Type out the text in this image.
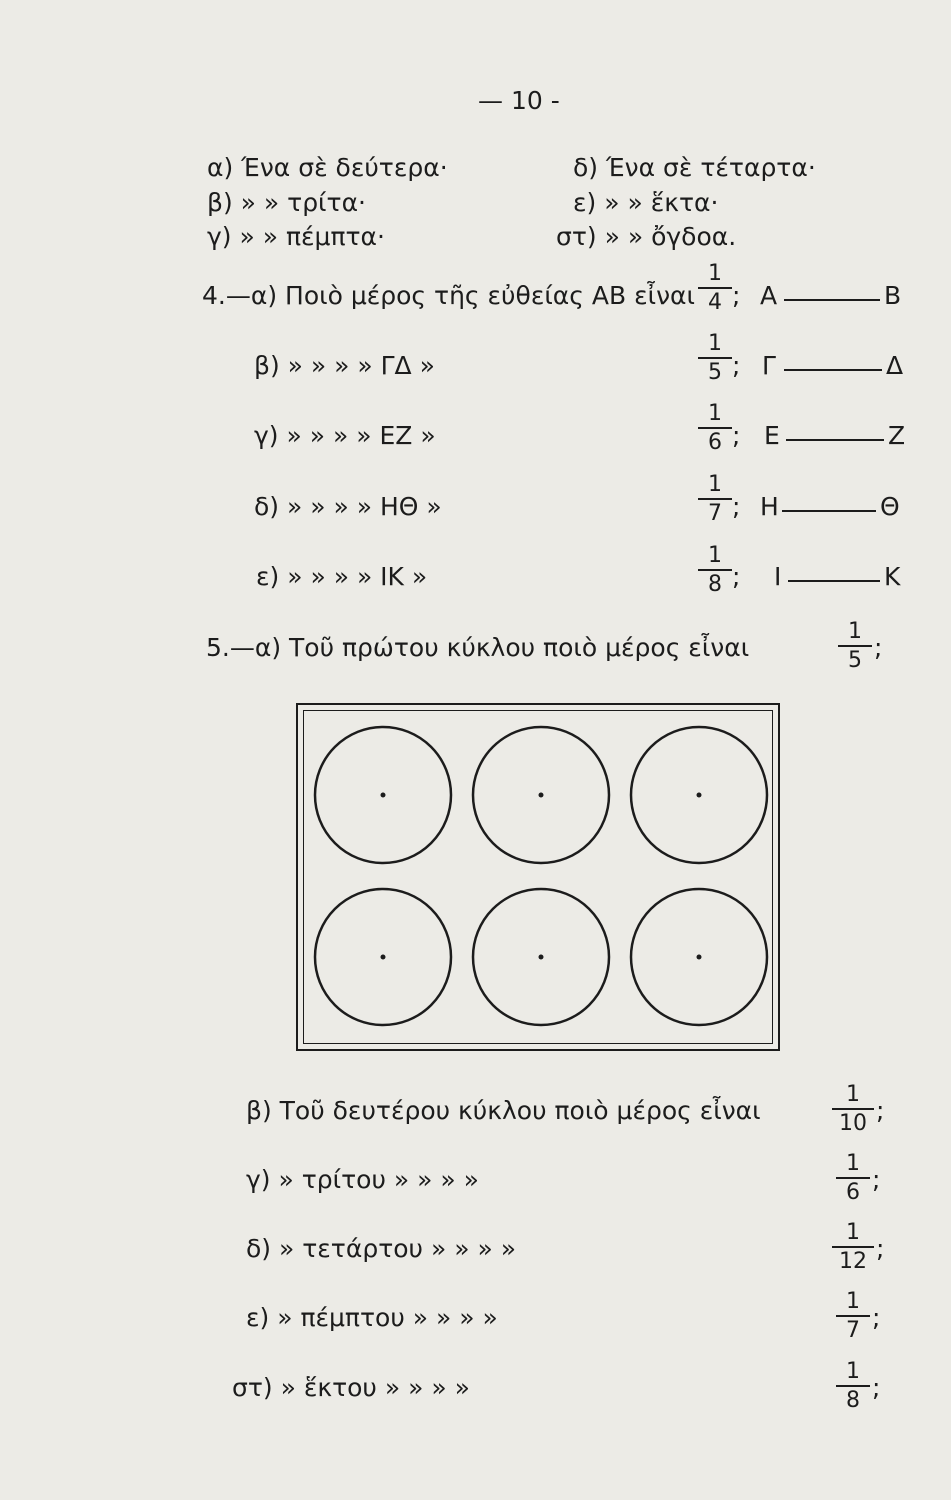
— 10 -
α) Ένα σὲ δεύτερα·
β) » » τρίτα·
γ) » » πέμπτα·
δ) Ένα σὲ τέταρτα·
ε) » » ἕκτα·
στ) » » ὄγδοα.
4.—α) Ποιὸ μέρος τῆς εὐθείας ΑΒ εἶναι
1
4 ; Α	Β
β) » » » » ΓΔ »
1
5 ; Γ	Δ
γ) » » » » ΕΖ »
1
6 ; Ε	Ζ
δ) » » » » ΗΘ »
1
7 ; Η	Θ
ε) » » » » ΙΚ »
1
8 ; Ι	Κ
5.—α) Τοῦ πρώτου κύκλου ποιὸ μέρος εἶναι
1
5 ;
β) Τοῦ δευτέρου κύκλου ποιὸ μέρος εἶναι
1
10 ;
γ) » τρίτου » » » »
1
6 ;
δ) » τετάρτου » » » »
1
12 ;
ε) » πέμπτου » » » »
1
7 ;
στ) » ἕκτου » » » »
1
8 ;
